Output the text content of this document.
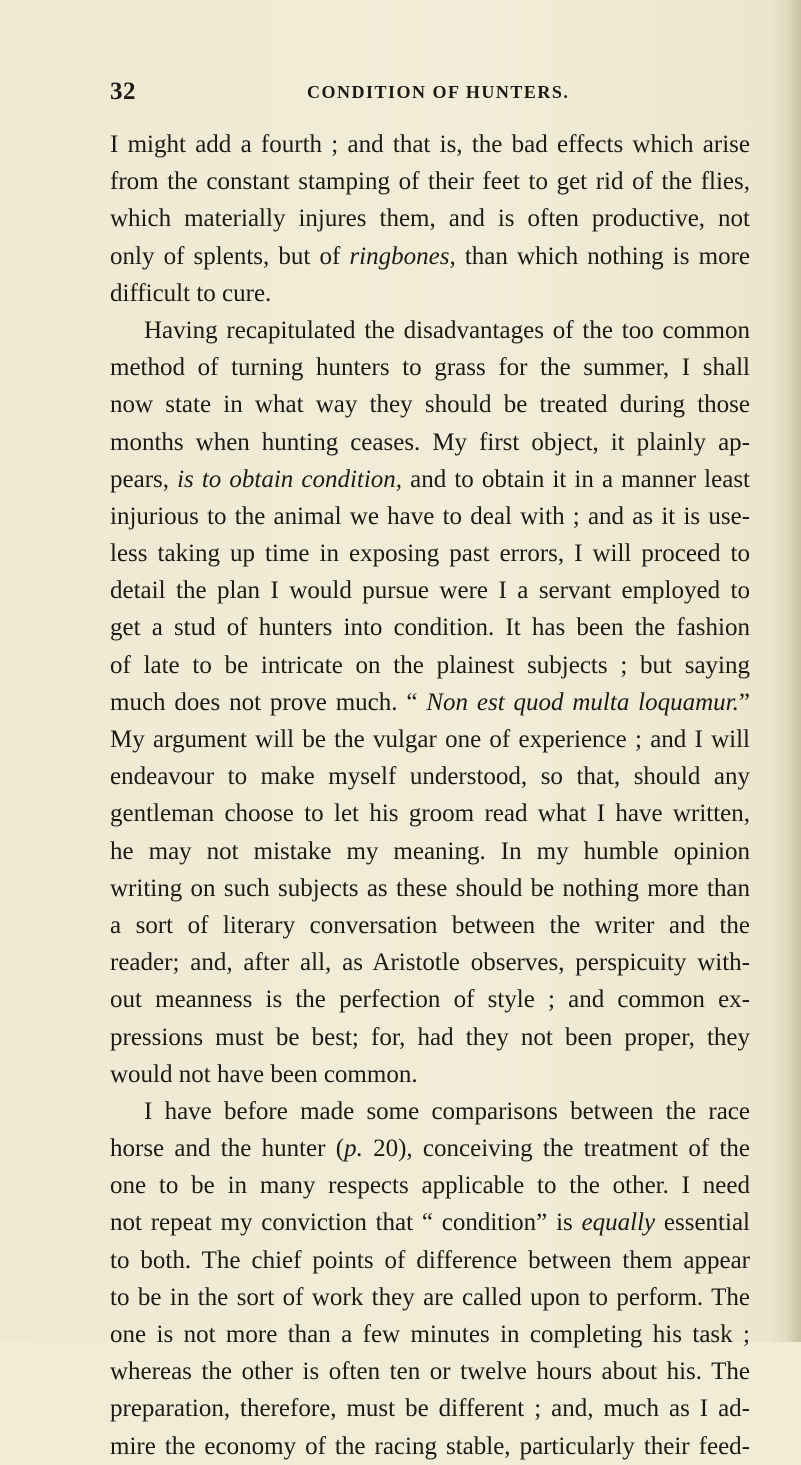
32	CONDITION OF HUNTERS.
I might add a fourth ; and that is, the bad effects which arise
from the constant stamping of their feet to get rid of the flies,
which materially injures them, and is often productive, not
only of splents, but of ringbones, than which nothing is more
difficult to cure.
Having recapitulated the disadvantages of the too common
method of turning hunters to grass for the summer, I shall
now state in what way they should be treated during those
months when hunting ceases. My first object, it plainly ap-
pears, is to obtain condition, and to obtain it in a manner least
injurious to the animal we have to deal with ; and as it is use-
less taking up time in exposing past errors, I will proceed to
detail the plan I would pursue were I a servant employed to
get a stud of hunters into condition. It has been the fashion
of late to be intricate on the plainest subjects ; but saying
much does not prove much. “ Non est quod multa loquamur.”
My argument will be the vulgar one of experience ; and I will
endeavour to make myself understood, so that, should any
gentleman choose to let his groom read what I have written,
he may not mistake my meaning. In my humble opinion
writing on such subjects as these should be nothing more than
a sort of literary conversation between the writer and the
reader; and, after all, as Aristotle observes, perspicuity with-
out meanness is the perfection of style ; and common ex-
pressions must be best; for, had they not been proper, they
would not have been common.
I have before made some comparisons between the race
horse and the hunter (p. 20), conceiving the treatment of the
one to be in many respects applicable to the other. I need
not repeat my conviction that “ condition” is equally essential
to both. The chief points of difference between them appear
to be in the sort of work they are called upon to perform. The
one is not more than a few minutes in completing his task ;
whereas the other is often ten or twelve hours about his. The
preparation, therefore, must be different ; and, much as I ad-
mire the economy of the racing stable, particularly their feed-
